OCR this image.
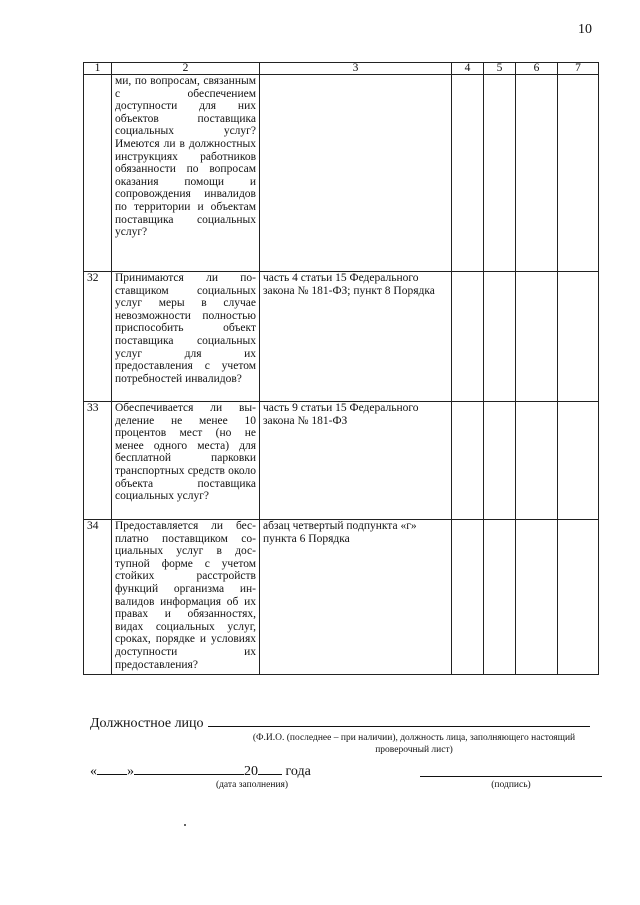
10
1	2	3	4	5	6	7
	ми, по вопросам, связанным с обеспечением доступности для них объектов поставщика социальных услуг? Имеются ли в должностных инструкциях работников обязанности по вопросам оказания помощи и сопровождения инвалидов по территории и объектам поставщика социальных услуг?					
32	Принимаются ли поставщиком социальных услуг меры в случае невозможности полностью приспособить объект поставщика социальных услуг для их предоставления с учетом потребностей инвалидов?	часть 4 статьи 15 Федерального закона № 181-ФЗ; пункт 8 Порядка				
33	Обеспечивается ли выделение не менее 10 процентов мест (но не менее одного места) для бесплатной парковки транспортных средств около объекта поставщика социальных услуг?	часть 9 статьи 15 Федерального закона № 181-ФЗ				
34	Предоставляется ли бесплатно поставщиком социальных услуг в доступной форме с учетом стойких расстройств функций организма инвалидов информация об их правах и обязанностях, видах социальных услуг, сроках, порядке и условиях доступности их предоставления?	абзац четвертый подпункта «г» пункта 6 Порядка				
Должностное лицо
(Ф.И.О. (последнее – при наличии), должность лица, заполняющего настоящий проверочный лист)
« »	20 года
(дата заполнения)	(подпись)
